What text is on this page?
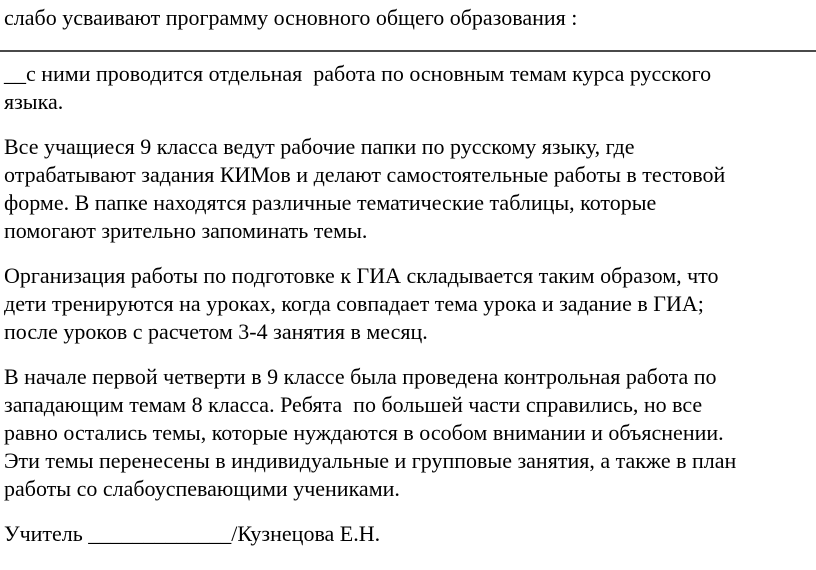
слабо усваивают программу основного общего образования :
__с ними проводится отдельная  работа по основным темам курса русского
языка.
Все учащиеся 9 класса ведут рабочие папки по русскому языку, где
отрабатывают задания КИМов и делают самостоятельные работы в тестовой
форме. В папке находятся различные тематические таблицы, которые
помогают зрительно запоминать темы.
Организация работы по подготовке к ГИА складывается таким образом, что
дети тренируются на уроках, когда совпадает тема урока и задание в ГИА;
после уроков с расчетом 3-4 занятия в месяц.
В начале первой четверти в 9 классе была проведена контрольная работа по
западающим темам 8 класса. Ребята  по большей части справились, но все
равно остались темы, которые нуждаются в особом внимании и объяснении.
Эти темы перенесены в индивидуальные и групповые занятия, а также в план
работы со слабоуспевающими учениками.
Учитель _____________/Кузнецова Е.Н.
